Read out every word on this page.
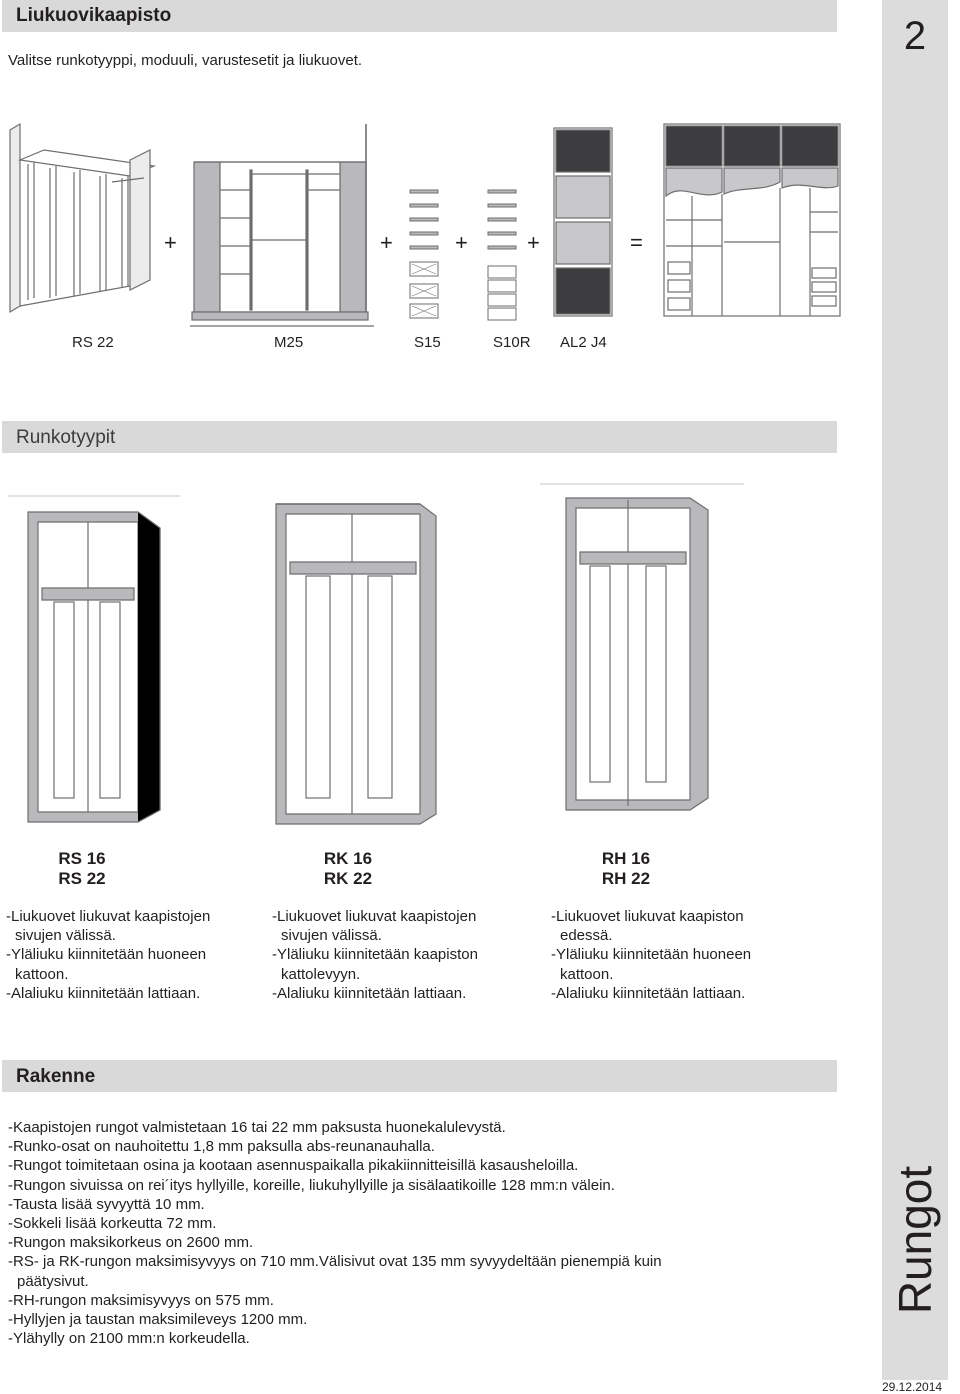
Liukuovikaapisto
Valitse runkotyyppi, moduuli, varustesetit ja liukuovet.
2
Rungot
29.12.2014
+	+	+	+	=
RS 22	M25	S15	S10R AL2 J4
Runkotyypit
RS 16
RS 22
RK 16
RK 22
RH 16
RH 22
-Liukuovet liukuvat kaapistojen
sivujen välissä.
-Yläliuku kiinnitetään huoneen
kattoon.
-Alaliuku kiinnitetään lattiaan.
-Liukuovet liukuvat kaapistojen
sivujen välissä.
-Yläliuku kiinnitetään kaapiston
kattolevyyn.
-Alaliuku kiinnitetään lattiaan.
-Liukuovet liukuvat kaapiston
edessä.
-Yläliuku kiinnitetään huoneen
kattoon.
-Alaliuku kiinnitetään lattiaan.
Rakenne
-Kaapistojen rungot valmistetaan 16 tai 22 mm paksusta huonekalulevystä.
-Runko-osat on nauhoitettu 1,8 mm paksulla abs-reunanauhalla.
-Rungot toimitetaan osina ja kootaan asennuspaikalla pikakiinnitteisillä kasausheloilla.
-Rungon sivuissa on rei´itys hyllyille, koreille, liukuhyllyille ja sisälaatikoille 128 mm:n välein.
-Tausta lisää syvyyttä 10 mm.
-Sokkeli lisää korkeutta 72 mm.
-Rungon maksikorkeus on 2600 mm.
-RS- ja RK-rungon maksimisyvyys on 710 mm.Välisivut ovat 135 mm syvyydeltään pienempiä kuin
päätysivut.
-RH-rungon maksimisyvyys on 575 mm.
-Hyllyjen ja taustan maksimileveys 1200 mm.
-Ylähylly on 2100 mm:n korkeudella.
